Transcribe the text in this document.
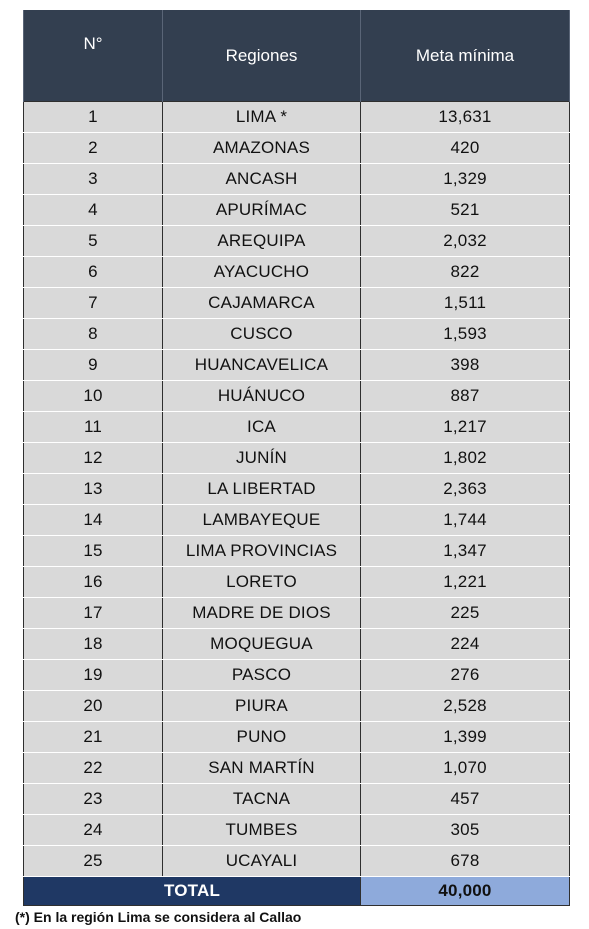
N°	Regiones	Meta mínima
1	LIMA *	13,631
2	AMAZONAS	420
3	ANCASH	1,329
4	APURÍMAC	521
5	AREQUIPA	2,032
6	AYACUCHO	822
7	CAJAMARCA	1,511
8	CUSCO	1,593
9	HUANCAVELICA	398
10	HUÁNUCO	887
11	ICA	1,217
12	JUNÍN	1,802
13	LA LIBERTAD	2,363
14	LAMBAYEQUE	1,744
15	LIMA PROVINCIAS	1,347
16	LORETO	1,221
17	MADRE DE DIOS	225
18	MOQUEGUA	224
19	PASCO	276
20	PIURA	2,528
21	PUNO	1,399
22	SAN MARTÍN	1,070
23	TACNA	457
24	TUMBES	305
25	UCAYALI	678
TOTAL		40,000
(*) En la región Lima se considera al Callao
